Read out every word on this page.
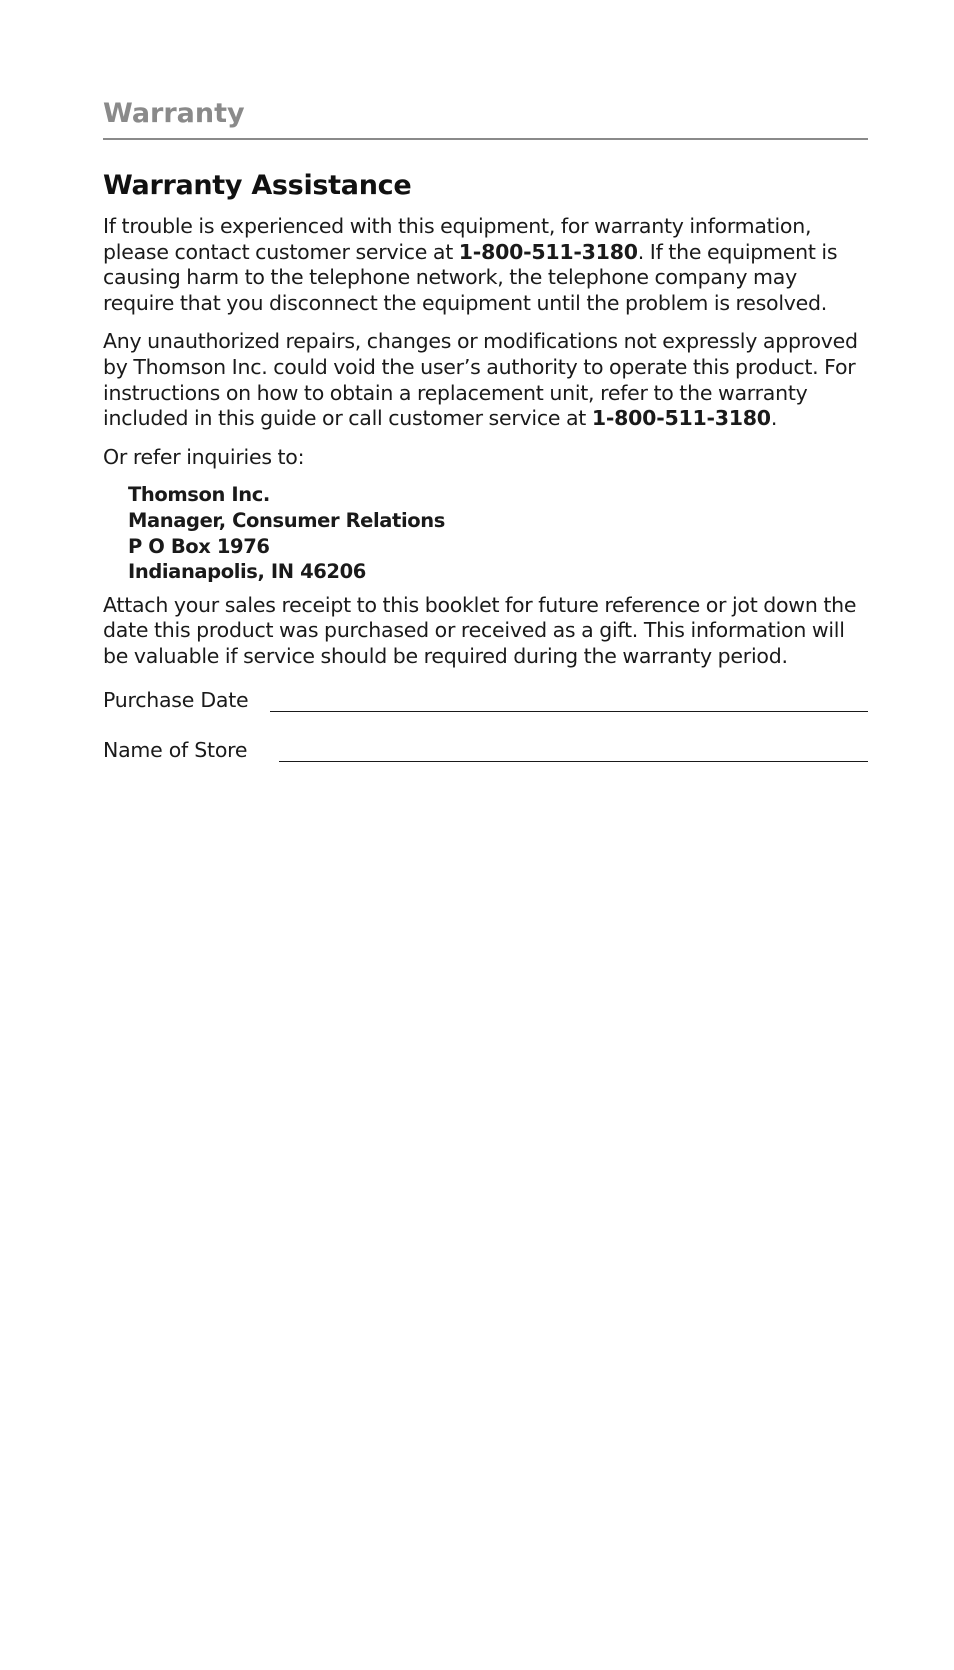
Warranty
Warranty Assistance

If trouble is experienced with this equipment, for warranty information, please contact customer service at 1-800-511-3180. If the equipment is causing harm to the telephone network, the telephone company may require that you disconnect the equipment until the problem is resolved.

Any unauthorized repairs, changes or modifications not expressly approved by Thomson Inc. could void the user’s authority to operate this product. For instructions on how to obtain a replacement unit, refer to the warranty included in this guide or call customer service at 1-800-511-3180.

Or refer inquiries to:

Thomson Inc.
Manager, Consumer Relations
P O Box 1976
Indianapolis, IN 46206

Attach your sales receipt to this booklet for future reference or jot down the date this product was purchased or received as a gift. This information will be valuable if service should be required during the warranty period.

Purchase Date
Name of Store
